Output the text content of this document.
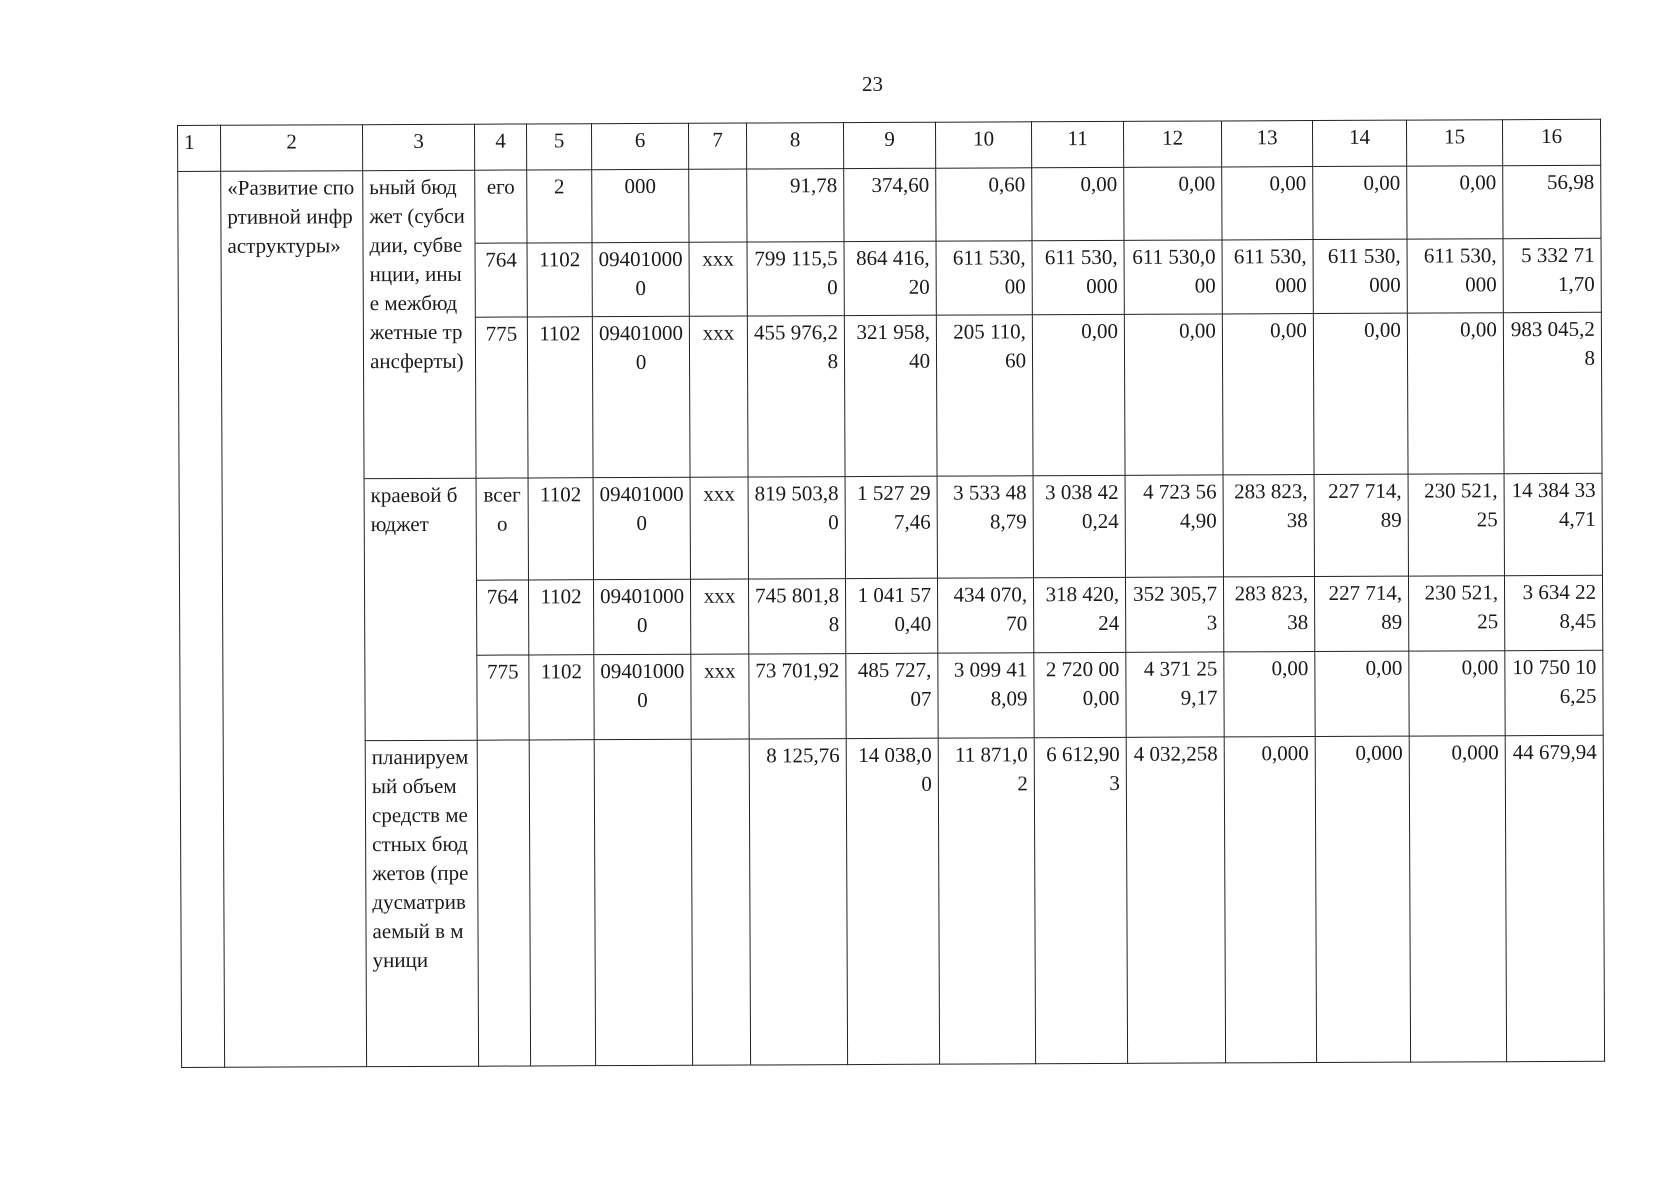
23
1	2	3	4	5	6	7	8	9	10	11	12	13	14	15	16
	«Развитие спортивной инфраструктуры»	ьный бюджет (субсидии, субвенции, иные межбюджетные трансферты)	его	2	000		91,78	374,60	0,60	0,00	0,00	0,00	0,00	0,00	56,98
			764	1102	094010000	ххх	799 115,50	864 416,20	611 530,00	611 530,000	611 530,000	611 530,000	611 530,000	611 530,000	5 332 711,70
			775	1102	094010000	ххх	455 976,28	321 958,40	205 110,60	0,00	0,00	0,00	0,00	0,00	983 045,28
		краевой бюджет	всего	1102	094010000	ххх	819 503,80	1 527 297,46	3 533 488,79	3 038 420,24	4 723 564,90	283 823,38	227 714,89	230 521,25	14 384 334,71
			764	1102	094010000	ххх	745 801,88	1 041 570,40	434 070,70	318 420,24	352 305,73	283 823,38	227 714,89	230 521,25	3 634 228,45
			775	1102	094010000	ххх	73 701,92	485 727,07	3 099 418,09	2 720 000,00	4 371 259,17	0,00	0,00	0,00	10 750 106,25
		планируемый объем средств местных бюджетов (предусматриваемый в муници					8 125,76	14 038,00	11 871,02	6 612,903	4 032,258	0,000	0,000	0,000	44 679,94
